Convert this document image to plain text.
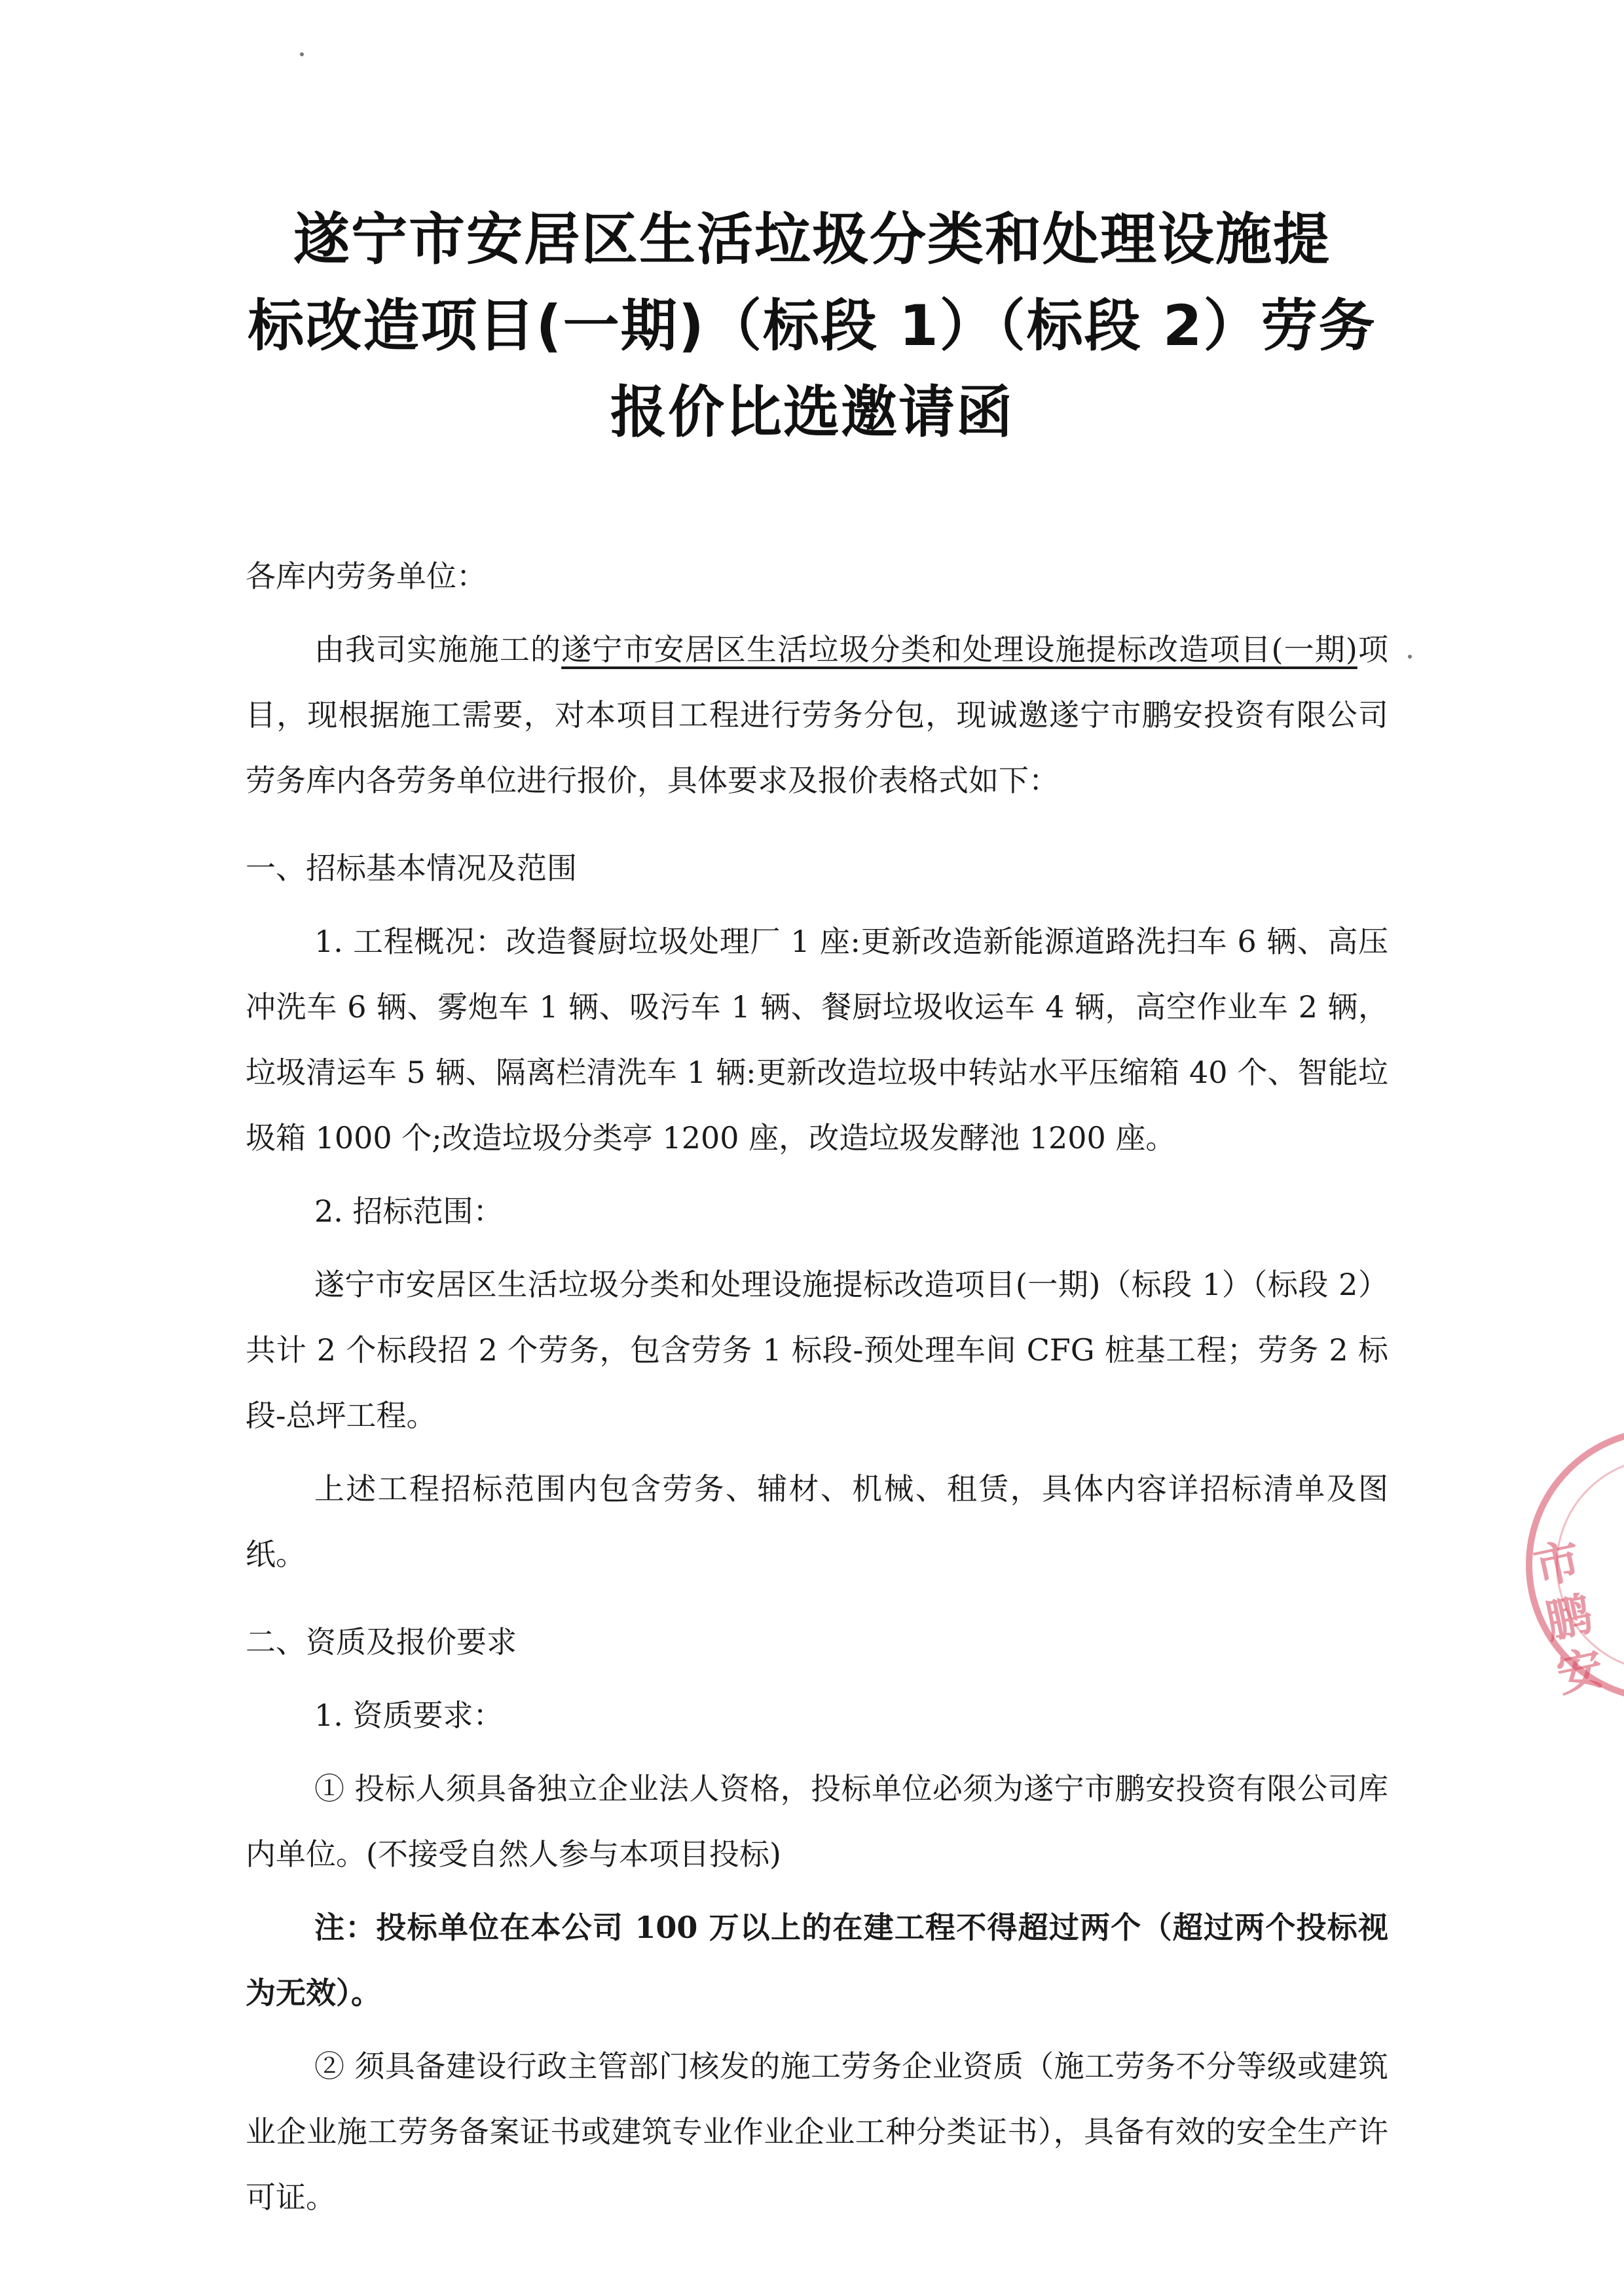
遂宁市安居区生活垃圾分类和处理设施提
标改造项目(一期)（标段 1）（标段 2）劳务
报价比选邀请函

各库内劳务单位：

由我司实施施工的遂宁市安居区生活垃圾分类和处理设施提标改造项目(一期)项目，现根据施工需要，对本项目工程进行劳务分包，现诚邀遂宁市鹏安投资有限公司劳务库内各劳务单位进行报价，具体要求及报价表格式如下：

一、招标基本情况及范围

1. 工程概况：改造餐厨垃圾处理厂 1 座:更新改造新能源道路洗扫车 6 辆、高压冲洗车 6 辆、雾炮车 1 辆、吸污车 1 辆、餐厨垃圾收运车 4 辆，高空作业车 2 辆，垃圾清运车 5 辆、隔离栏清洗车 1 辆:更新改造垃圾中转站水平压缩箱 40 个、智能垃圾箱 1000 个;改造垃圾分类亭 1200 座，改造垃圾发酵池 1200 座。

2. 招标范围：

遂宁市安居区生活垃圾分类和处理设施提标改造项目(一期)（标段 1）（标段 2）共计 2 个标段招 2 个劳务，包含劳务 1 标段-预处理车间 CFG 桩基工程；劳务 2 标段-总坪工程。

上述工程招标范围内包含劳务、辅材、机械、租赁，具体内容详招标清单及图纸。

二、资质及报价要求

1. 资质要求：

① 投标人须具备独立企业法人资格，投标单位必须为遂宁市鹏安投资有限公司库内单位。(不接受自然人参与本项目投标)

注：投标单位在本公司 100 万以上的在建工程不得超过两个（超过两个投标视为无效）。

② 须具备建设行政主管部门核发的施工劳务企业资质（施工劳务不分等级或建筑业企业施工劳务备案证书或建筑专业作业企业工种分类证书），具备有效的安全生产许可证。

市鹏安
